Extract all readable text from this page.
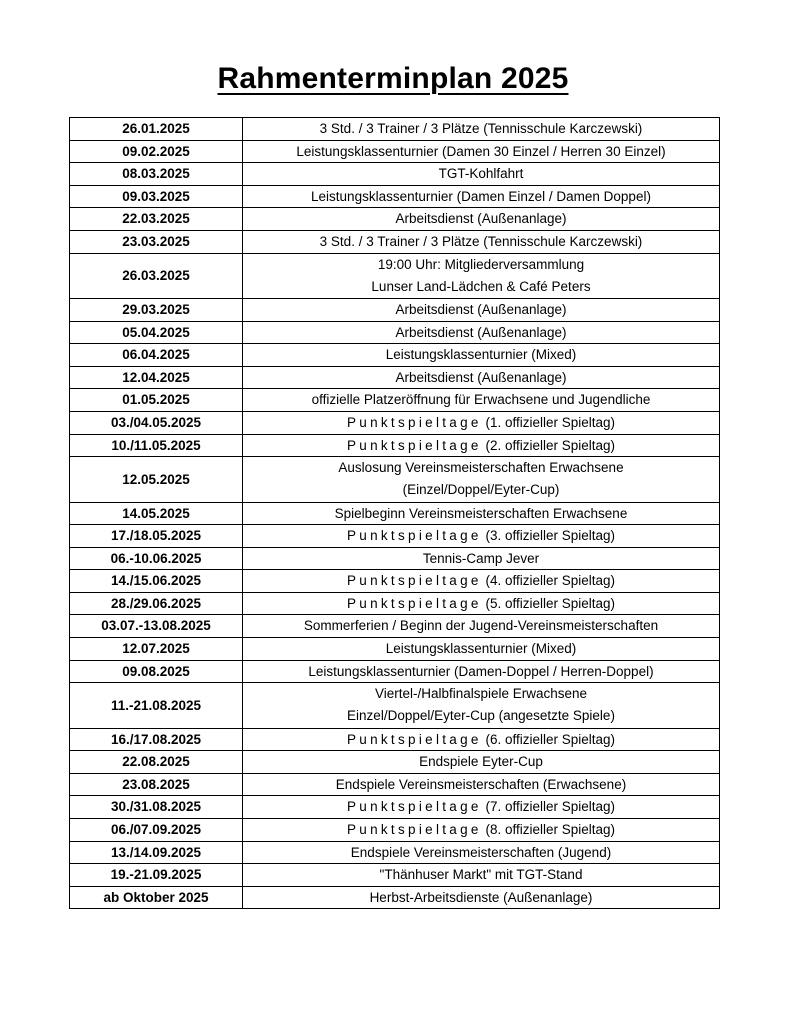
Rahmenterminplan 2025
26.01.2025	3 Std. / 3 Trainer / 3 Plätze (Tennisschule Karczewski)
09.02.2025	Leistungsklassenturnier (Damen 30 Einzel / Herren 30 Einzel)
08.03.2025	TGT-Kohlfahrt
09.03.2025	Leistungsklassenturnier (Damen Einzel / Damen Doppel)
22.03.2025	Arbeitsdienst (Außenanlage)
23.03.2025	3 Std. / 3 Trainer / 3 Plätze (Tennisschule Karczewski)
26.03.2025	19:00 Uhr: Mitgliederversammlung
Lunser Land-Lädchen & Café Peters

29.03.2025	Arbeitsdienst (Außenanlage)
05.04.2025	Arbeitsdienst (Außenanlage)
06.04.2025	Leistungsklassenturnier (Mixed)
12.04.2025	Arbeitsdienst (Außenanlage)
01.05.2025	offizielle Platzeröffnung für Erwachsene und Jugendliche
03./04.05.2025	Punktspieltage (1. offizieller Spieltag)
10./11.05.2025	Punktspieltage (2. offizieller Spieltag)
12.05.2025	Auslosung Vereinsmeisterschaften Erwachsene
(Einzel/Doppel/Eyter-Cup)

14.05.2025	Spielbeginn Vereinsmeisterschaften Erwachsene
17./18.05.2025	Punktspieltage (3. offizieller Spieltag)
06.-10.06.2025	Tennis-Camp Jever
14./15.06.2025	Punktspieltage (4. offizieller Spieltag)
28./29.06.2025	Punktspieltage (5. offizieller Spieltag)
03.07.-13.08.2025	Sommerferien / Beginn der Jugend-Vereinsmeisterschaften
12.07.2025	Leistungsklassenturnier (Mixed)
09.08.2025	Leistungsklassenturnier (Damen-Doppel / Herren-Doppel)
11.-21.08.2025	Viertel-/Halbfinalspiele Erwachsene
Einzel/Doppel/Eyter-Cup (angesetzte Spiele)

16./17.08.2025	Punktspieltage (6. offizieller Spieltag)
22.08.2025	Endspiele Eyter-Cup
23.08.2025	Endspiele Vereinsmeisterschaften (Erwachsene)
30./31.08.2025	Punktspieltage (7. offizieller Spieltag)
06./07.09.2025	Punktspieltage (8. offizieller Spieltag)
13./14.09.2025	Endspiele Vereinsmeisterschaften (Jugend)
19.-21.09.2025	"Thänhuser Markt" mit TGT-Stand
ab Oktober 2025	Herbst-Arbeitsdienste (Außenanlage)
